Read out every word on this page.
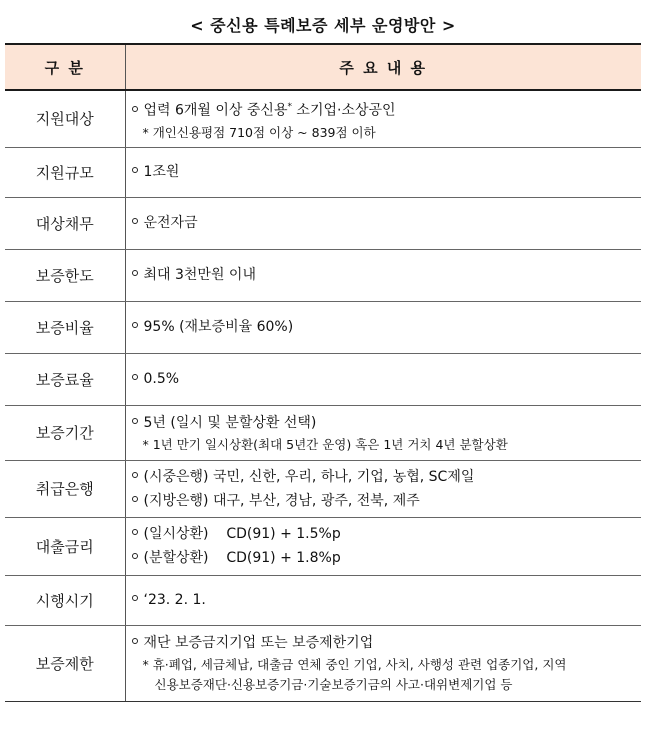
< 중신용 특례보증 세부 운영방안 >
구 분	주 요 내 용
지원대상	업력 6개월 이상 중신용* 소기업·소상공인
* 개인신용평점 710점 이상 ~ 839점 이하

지원규모	1조원

대상채무	운전자금

보증한도	최대 3천만원 이내

보증비율	95% (재보증비율 60%)

보증료율	0.5%

보증기간	5년 (일시 및 분할상환 선택)
* 1년 만기 일시상환(최대 5년간 운영) 혹은 1년 거치 4년 분할상환

취급은행	(시중은행) 국민, 신한, 우리, 하나, 기업, 농협, SC제일
(지방은행) 대구, 부산, 경남, 광주, 전북, 제주

대출금리	(일시상환)    CD(91) + 1.5%p
(분할상환)    CD(91) + 1.8%p

시행시기	‘23. 2. 1.

보증제한	재단 보증금지기업 또는 보증제한기업
* 휴·폐업, 세금체납, 대출금 연체 중인 기업, 사치, 사행성 관련 업종기업, 지역
신용보증재단·신용보증기금·기술보증기금의 사고·대위변제기업 등
